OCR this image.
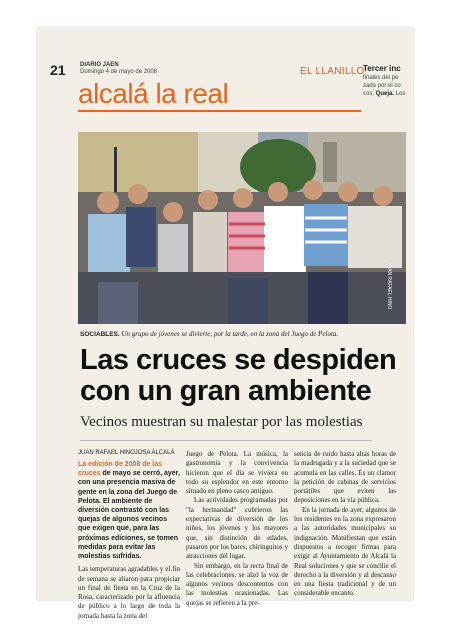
21 DIARIO JAEN
Domingo 4 de mayo de 2008	EL LLANILLO
alcalá la real
Tercer inc
finales del pe
zado por el co
cos. Queja. Los
SOCIABLES. Un grupo de jóvenes se divierte, por la tarde, en la zona del Juego de Pelota.
Las cruces se despiden con un gran ambiente
Vecinos muestran su malestar por las molestias
JUAN RAFAEL HINOJOSA ALCALÁ
La edición de 2008 de las cruces de mayo se cerró, ayer, con una presencia masiva de gente en la zona del Juego de Pelota. El ambiente de diversión contrastó con las quejas de algunos vecinos que exigen que, para las próximas ediciones, se tomen medidas para evitar las molestias sufridas.
Las temperaturas agradables y el fin de semana se aliaron para propiciar un final de fiesta en la Cruz de la Rosa, caracterizado por la afluencia de público a lo largo de toda la jornada hasta la zona del
Juego de Pelota. La música, la gastronomía y la convivencia hicieron que el día se viviera en todo su esplendor en este entorno situado en pleno casco antiguo.
Las actividades programadas por "la hermandad" cubrieron las expectativas de diversión de los niños, los jóvenes y los mayores que, sin distinción de edades, pasaron por los bares, chiringuitos y atracciones del lugar.
Sin embargo, en la recta final de las celebraciones, se alzó la voz de algunos vecinos descontentos con las molestias ocasionadas. Las quejas se refieren a la pre-
sencia de ruido hasta altas horas de la madrugada y a la suciedad que se acumula en las calles. Es un clamor la petición de cabinas de servicios portátiles que eviten las deposiciones en la vía pública.
En la jornada de ayer, algunos de los residentes en la zona expresaron a las autoridades municipales su indignación. Manifiestan que están dispuestos a recoger firmas para exigir al Ayuntamiento de Alcalá la Real soluciones y que se concilie el derecho a la diversión y al descanso en una fiesta tradicional y de un considerable encanto.
